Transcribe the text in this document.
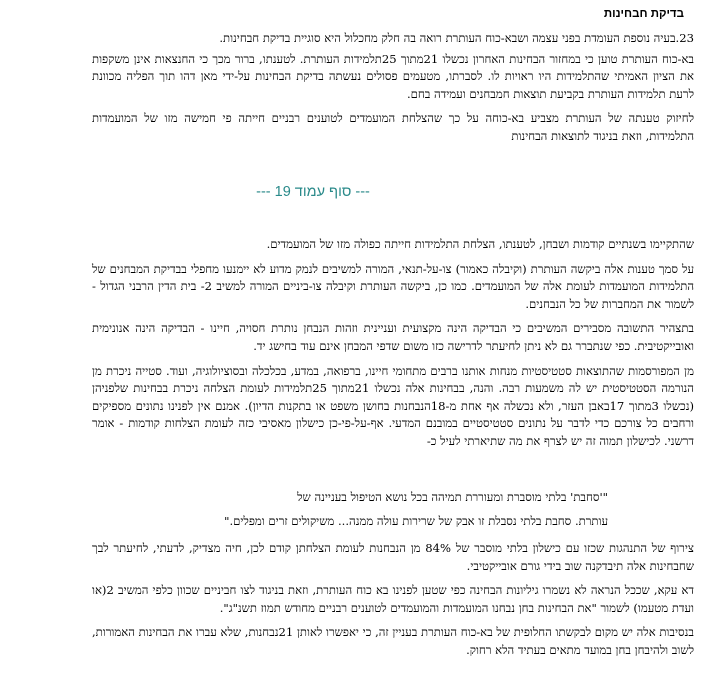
בדיקת חבחינות

23.בעיה נוספת העומדת בפני עצמה ושבא-כוח העותרת רואה בה חלק מחכלול היא סוגיית בדיקת חבחינות.

בא-כוח העותרת טוען כי במחזור הבחינות האחרון נכשלו 21מתוך 25תלמידות העותרת. לטענתו, ברור מכך כי החנצאות אינן משקפות את הציון האמיתי שהתלמידות היו ראויות לו. לסברתו, מטעמים פסולים נעשתה בדיקת הבחינות על-ידי מאן דהו תוך הפליה מכוונת לרעת תלמידות העותרת בקביעת תוצאות חמבחנים ועמידה בחם.

לחיזוק טענתה של העותרת מצביע בא-כוחה על כך שהצלחת המועמדים לטוענים רבניים חייתה פי חמישה מזו של המועמדות התלמידות, וזאת בניגוד לתוצאות הבחינות

--- סוף עמוד 19 ---

שהתקיימו בשנתיים קודמות ושבחן, לטענתו, הצלחת התלמידות חייתה כפולה מזו של המועמדים.

על סמך טענות אלה ביקשה העותרת (וקיבלה כאמור) צו-על-תנאי, המורה למשיבים לנמק מדוע לא יימנעו מחפלי בבדיקת המבחנים של התלמידות המועמדות לעומת אלה של המועמדים. כמו כן, ביקשה העותרת וקיבלה צו-ביניים המורה למשיב 2- בית הדין הרבני הגדול - לשמור את המחברות של כל הנבחנים.

בתצהיר התשובה מסבירים המשיבים כי הבדיקה הינה מקצועית ועניינית וזהות הנבחן נותרת חסויה, חיינו - הבדיקה הינה אנונימית ואובייקטיבית. כפי שנתברר גם לא ניתן לחיעתר לדרישה כזו משום שדפי המבחן אינם עוד בחישג יד.

מן המפורסמות שהתוצאות סטטיסטיות מנחות אותנו ברבים מתחומי חיינו, ברפואה, במדע, בכלכלה ובסוציולוגיה, ועוד. סטייה ניכרת מן הנורמה הסטטיסטית יש לה משמעות רבה. והנה, בבחינות אלה נכשלו 21מתוך 25תלמידות לעומת הצלחה ניכרת בבחינות שלפניהן (נכשלו 3מתוך 17באבן העזר, ולא נכשלה אף אחת מ-18הנבחנות בחושן משפט או בתקנות הדיון). אמנם אין לפנינו נתונים מספיקים ורחבים כל צורכם כדי לדבר על נתונים סטטיסטיים במובנם המדעי. אף-על-פי-כן כישלון מאסיבי כזה לעומת הצלחות קודמות - אומר דרשני. לכישלון תמוה זה יש לצרף את מה שתיארתי לעיל כ-

"'סחבת' בלתי מוסברת ומעוררת תמיהה בכל נושא הטיפול בעניינה של
עותרת. סחבת בלתי נסבלת זו אבק של שרירות עולה ממנה... משיקולים זרים ומפלים."

צירוף של התנהגות שכזו עם כישלון בלתי מוסבר של 84% מן הנבחנות לעומת הצלחתן קודם לכן, חיה מצדיק, לדעתי, לחיעתר לבך שחבחינות אלה תיבדקנה שוב בידי גורם אובייקטיבי.

דא עקא, שככל הנראה לא נשמרו גיליונות הבחינה כפי שטען לפנינו בא כוח העותרת, וזאת בניגוד לצו חביניים שכוון כלפי המשיב 2(או ועדת מטעמו) לשמור "את הבחינות בחן נבחנו המועמדות והמועמדים לטוענים רבניים מחודש תמוז תשנ"ג".

בנסיבות אלה יש מקום לבקשתו החלופית של בא-כוח העותרת בעניין זה, כי יאפשרו לאותן 21נבחנות, שלא עברו את הבחינות האמורות, לשוב ולהיבחן בחן במועד מתאים בעתיד הלא רחוק.
